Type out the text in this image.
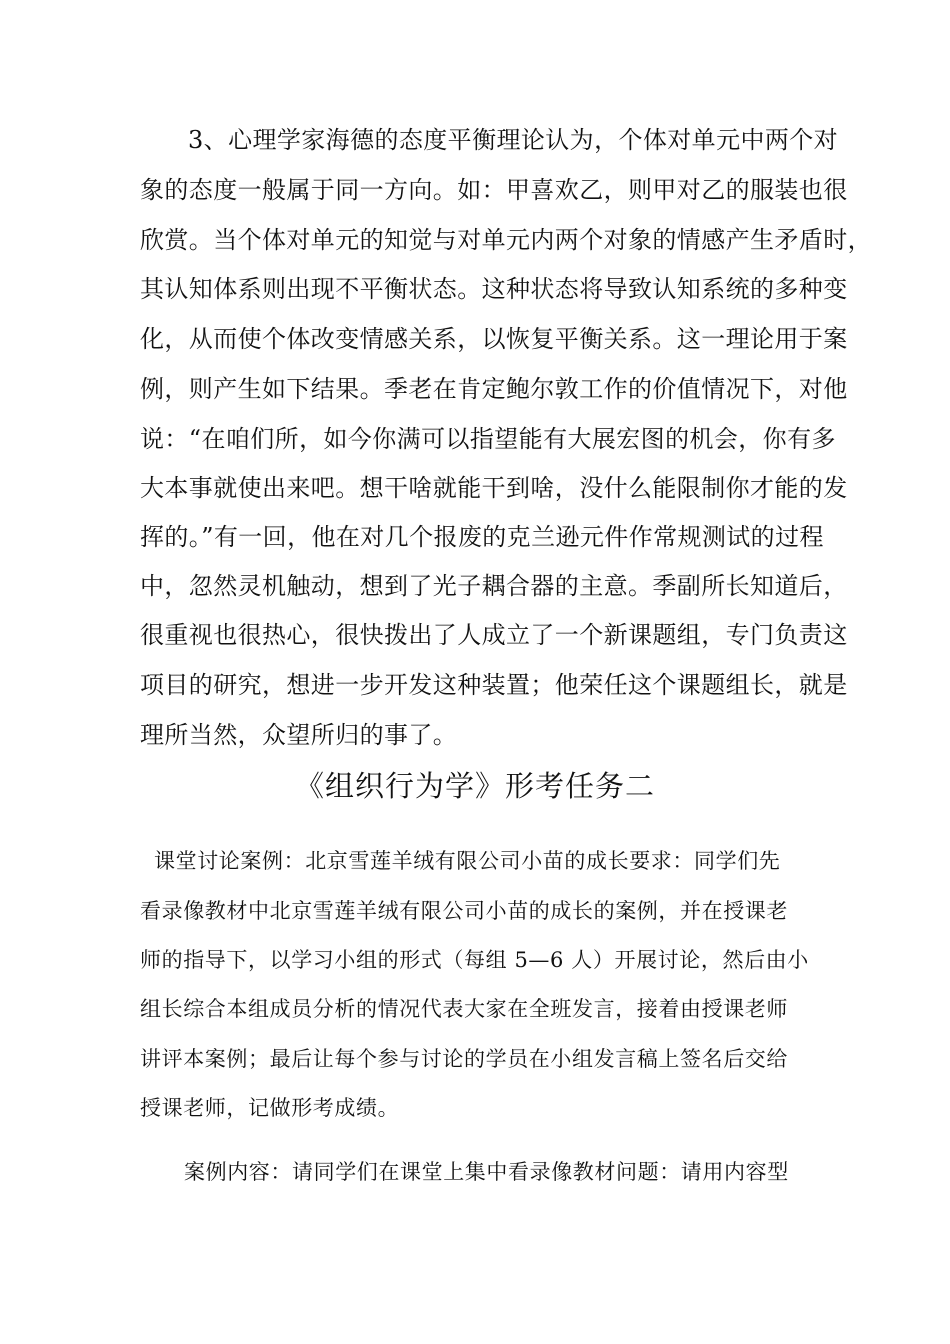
3、心理学家海德的态度平衡理论认为，个体对单元中两个对
象的态度一般属于同一方向。如：甲喜欢乙，则甲对乙的服装也很
欣赏。当个体对单元的知觉与对单元内两个对象的情感产生矛盾时，
其认知体系则出现不平衡状态。这种状态将导致认知系统的多种变
化，从而使个体改变情感关系，以恢复平衡关系。这一理论用于案
例，则产生如下结果。季老在肯定鲍尔敦工作的价值情况下，对他
说：“在咱们所，如今你满可以指望能有大展宏图的机会，你有多
大本事就使出来吧。想干啥就能干到啥，没什么能限制你才能的发
挥的。”有一回，他在对几个报废的克兰逊元件作常规测试的过程
中，忽然灵机触动，想到了光子耦合器的主意。季副所长知道后，
很重视也很热心，很快拨出了人成立了一个新课题组，专门负责这
项目的研究，想进一步开发这种装置；他荣任这个课题组长，就是
理所当然，众望所归的事了。
《组织行为学》形考任务二
课堂讨论案例：北京雪莲羊绒有限公司小苗的成长要求：同学们先
看录像教材中北京雪莲羊绒有限公司小苗的成长的案例，并在授课老
师的指导下，以学习小组的形式（每组 5—6 人）开展讨论，然后由小
组长综合本组成员分析的情况代表大家在全班发言，接着由授课老师
讲评本案例；最后让每个参与讨论的学员在小组发言稿上签名后交给
授课老师，记做形考成绩。
案例内容：请同学们在课堂上集中看录像教材问题：请用内容型
